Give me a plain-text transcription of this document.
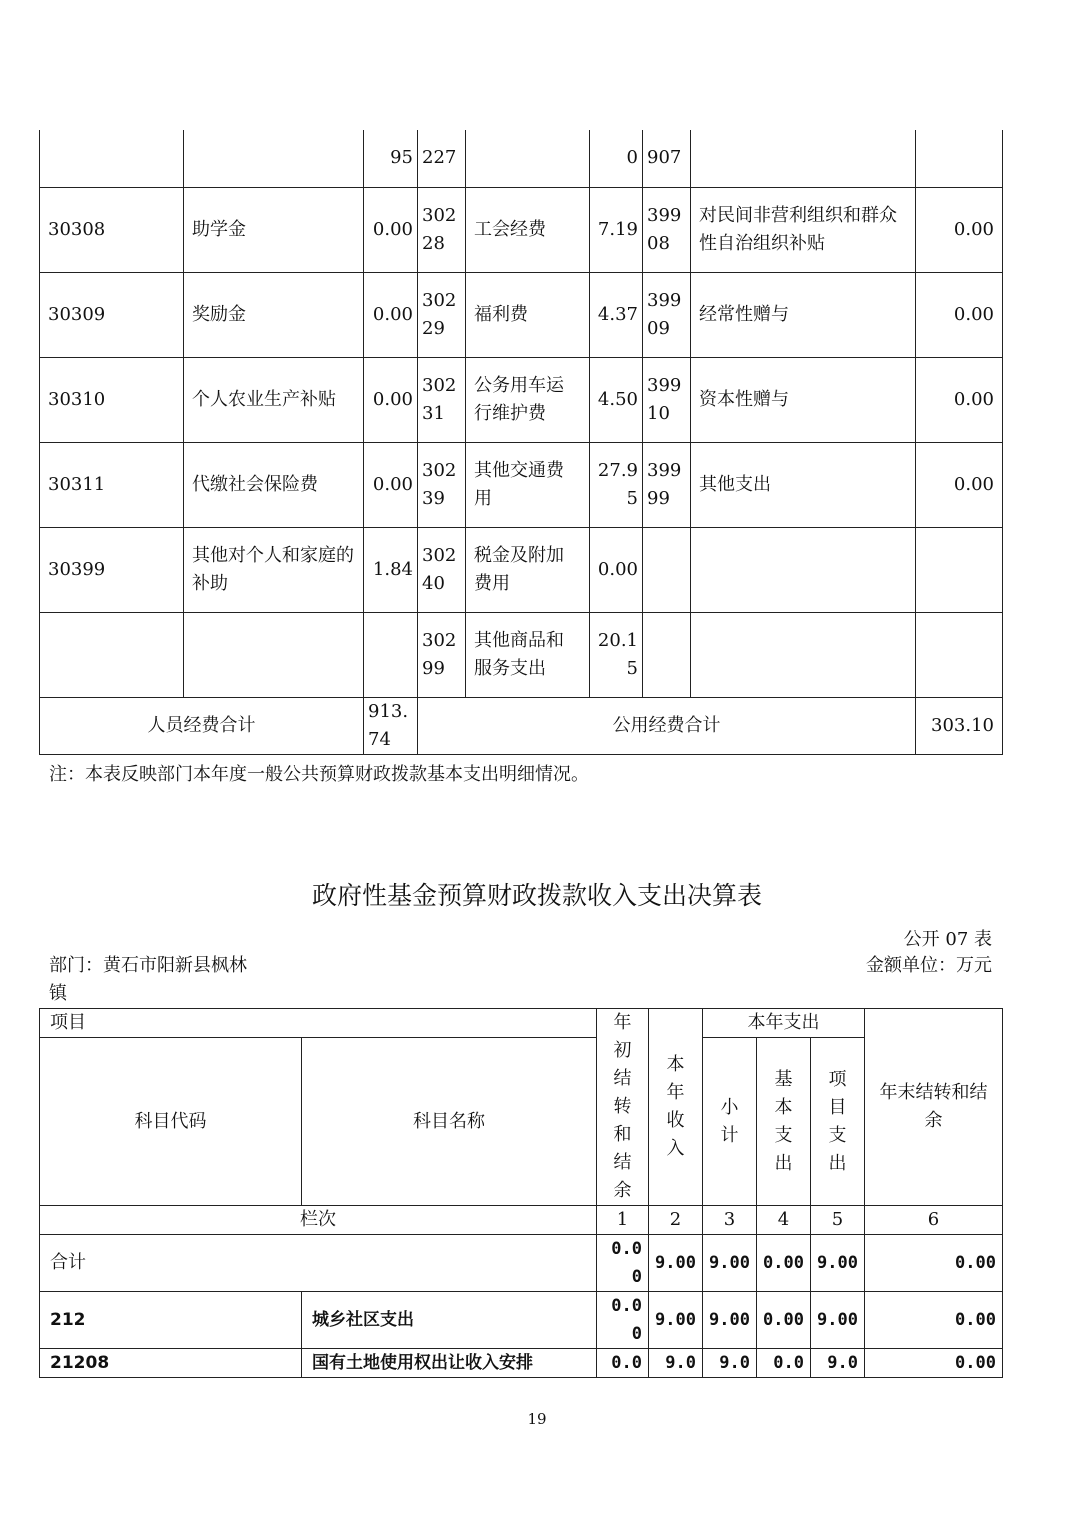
		95	227		0	907		
30308	助学金	0.00	30228	工会经费	7.19	39908	对民间非营利组织和群众性自治组织补贴	0.00
30309	奖励金	0.00	30229	福利费	4.37	39909	经常性赠与	0.00
30310	个人农业生产补贴	0.00	30231	公务用车运行维护费	4.50	39910	资本性赠与	0.00
30311	代缴社会保险费	0.00	30239	其他交通费用	27.95	39999	其他支出	0.00
30399	其他对个人和家庭的补助	1.84	30240	税金及附加费用	0.00			
			30299	其他商品和服务支出	20.15			
人员经费合计		913.74	公用经费合计					303.10
注：本表反映部门本年度一般公共预算财政拨款基本支出明细情况。
政府性基金预算财政拨款收入支出决算表
公开 07 表
部门：黄石市阳新县枫林镇
金额单位：万元
项目		年初结转和结余	本年收入	本年支出			年末结转和结余
科目代码	科目名称			小计	基本支出	项目支出	
栏次		1	2	3	4	5	6
合计		0.00	9.00	9.00	0.00	9.00	0.00
212	城乡社区支出	0.00	9.00	9.00	0.00	9.00	0.00
21208	国有土地使用权出让收入安排	0.0	9.0	9.0	0.0	9.0	0.00
19
